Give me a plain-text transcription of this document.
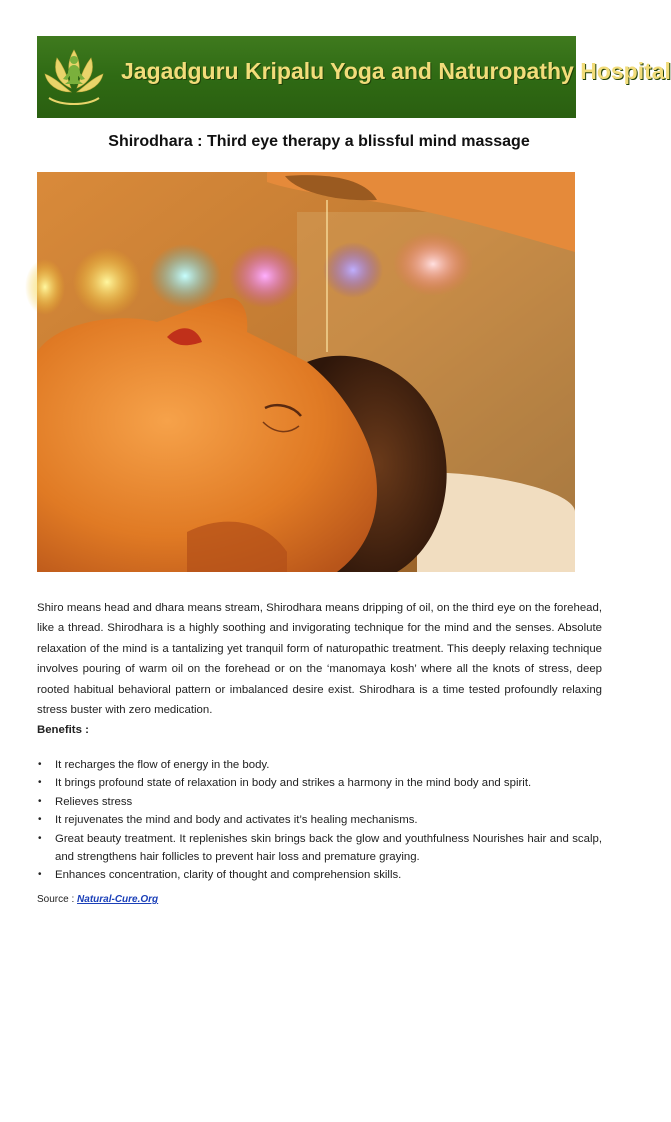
Jagadguru Kripalu Yoga and Naturopathy Hospital
Shirodhara : Third eye therapy a blissful mind massage

Shiro means head and dhara means stream, Shirodhara means dripping of oil, on the third eye on the forehead, like a thread. Shirodhara is a highly soothing and invigorating technique for the mind and the senses. Absolute relaxation of the mind is a tantalizing yet tranquil form of naturopathic treatment. This deeply relaxing technique involves pouring of warm oil on the forehead or on the ‘manomaya kosh’ where all the knots of stress, deep rooted habitual behavioral pattern or imbalanced desire exist. Shirodhara is a time tested profoundly relaxing stress buster with zero medication.

Benefits :

• It recharges the flow of energy in the body.
• It brings profound state of relaxation in body and strikes a harmony in the mind body and spirit.
• Relieves stress
• It rejuvenates the mind and body and activates it’s healing mechanisms.
• Great beauty treatment. It replenishes skin brings back the glow and youthfulness Nourishes hair and scalp, and strengthens hair follicles to prevent hair loss and premature graying.
• Enhances concentration, clarity of thought and comprehension skills.
Source : Natural-Cure.Org
